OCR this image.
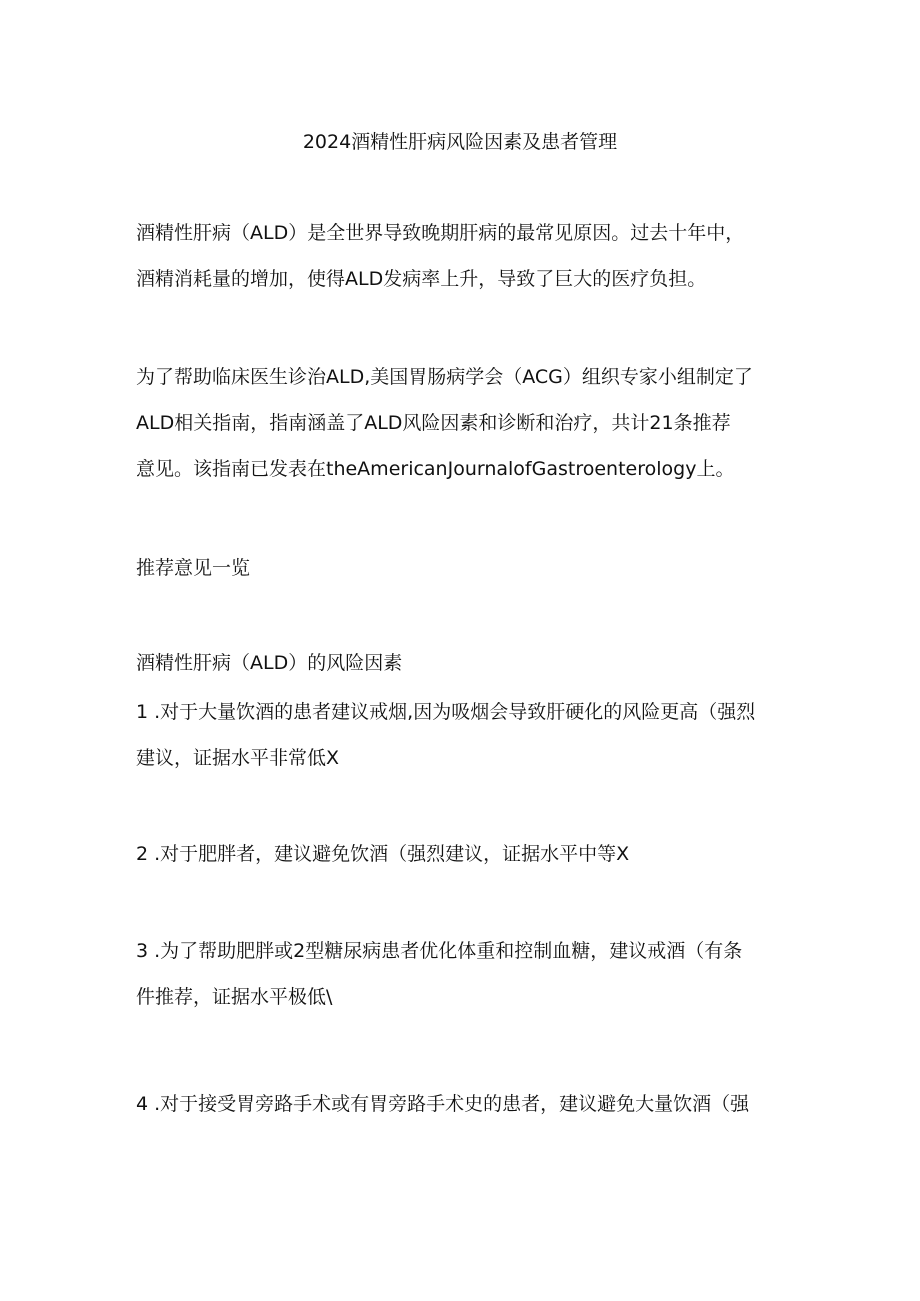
2024酒精性肝病风险因素及患者管理
酒精性肝病（ALD）是全世界导致晚期肝病的最常见原因。过去十年中，
酒精消耗量的增加，使得ALD发病率上升，导致了巨大的医疗负担。
为了帮助临床医生诊治ALD,美国胃肠病学会（ACG）组织专家小组制定了
ALD相关指南，指南涵盖了ALD风险因素和诊断和治疗，共计21条推荐
意见。该指南已发表在theAmericanJournalofGastroenterology上。
推荐意见一览
酒精性肝病（ALD）的风险因素
1 .对于大量饮酒的患者建议戒烟,因为吸烟会导致肝硬化的风险更高（强烈
建议，证据水平非常低X
2 .对于肥胖者，建议避免饮酒（强烈建议，证据水平中等X
3 .为了帮助肥胖或2型糖尿病患者优化体重和控制血糖，建议戒酒（有条
件推荐，证据水平极低\
4 .对于接受胃旁路手术或有胃旁路手术史的患者，建议避免大量饮酒（强
